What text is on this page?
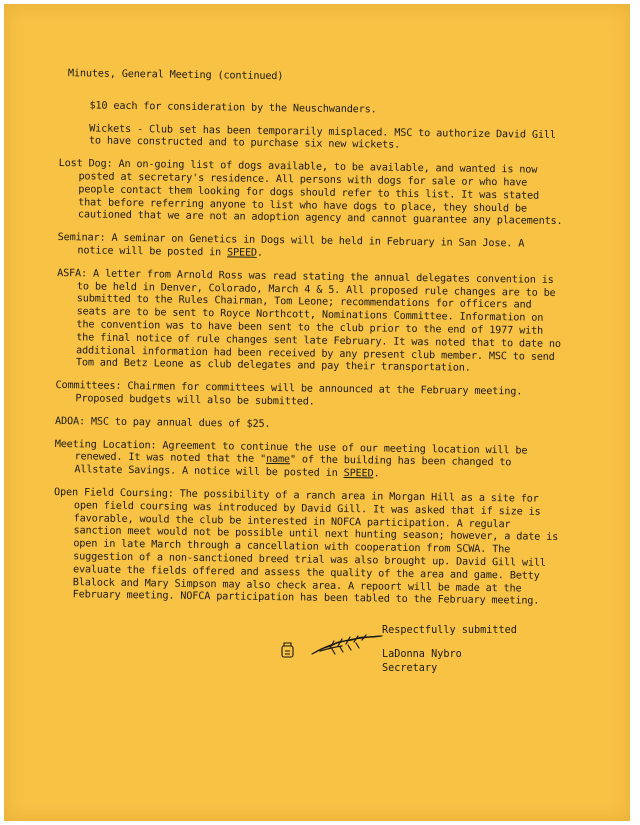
Minutes, General Meeting (continued)
$10 each for consideration by the Neuschwanders.
Wickets - Club set has been temporarily misplaced. MSC to authorize David Gill to have constructed and to purchase six new wickets.
Lost Dog: An on-going list of dogs available, to be available, and wanted is now posted at secretary's residence. All persons with dogs for sale or who have people contact them looking for dogs should refer to this list. It was stated that before referring anyone to list who have dogs to place, they should be cautioned that we are not an adoption agency and cannot guarantee any placements.
Seminar: A seminar on Genetics in Dogs will be held in February in San Jose. A notice will be posted in SPEED.
ASFA: A letter from Arnold Ross was read stating the annual delegates convention is to be held in Denver, Colorado, March 4 & 5. All proposed rule changes are to be submitted to the Rules Chairman, Tom Leone; recommendations for officers and seats are to be sent to Royce Northcott, Nominations Committee. Information on the convention was to have been sent to the club prior to the end of 1977 with the final notice of rule changes sent late February. It was noted that to date no additional information had been received by any present club member. MSC to send Tom and Betz Leone as club delegates and pay their transportation.
Committees: Chairmen for committees will be announced at the February meeting. Proposed budgets will also be submitted.
ADOA: MSC to pay annual dues of $25.
Meeting Location: Agreement to continue the use of our meeting location will be renewed. It was noted that the "name" of the building has been changed to Allstate Savings. A notice will be posted in SPEED.
Open Field Coursing: The possibility of a ranch area in Morgan Hill as a site for open field coursing was introduced by David Gill. It was asked that if size is favorable, would the club be interested in NOFCA participation. A regular sanction meet would not be possible until next hunting season; however, a date is open in late March through a cancellation with cooperation from SCWA. The suggestion of a non-sanctioned breed trial was also brought up. David Gill will evaluate the fields offered and assess the quality of the area and game. Betty Blalock and Mary Simpson may also check area. A repoort will be made at the February meeting. NOFCA participation has been tabled to the February meeting.
Respectfully submitted
LaDonna Nybro
Secretary
